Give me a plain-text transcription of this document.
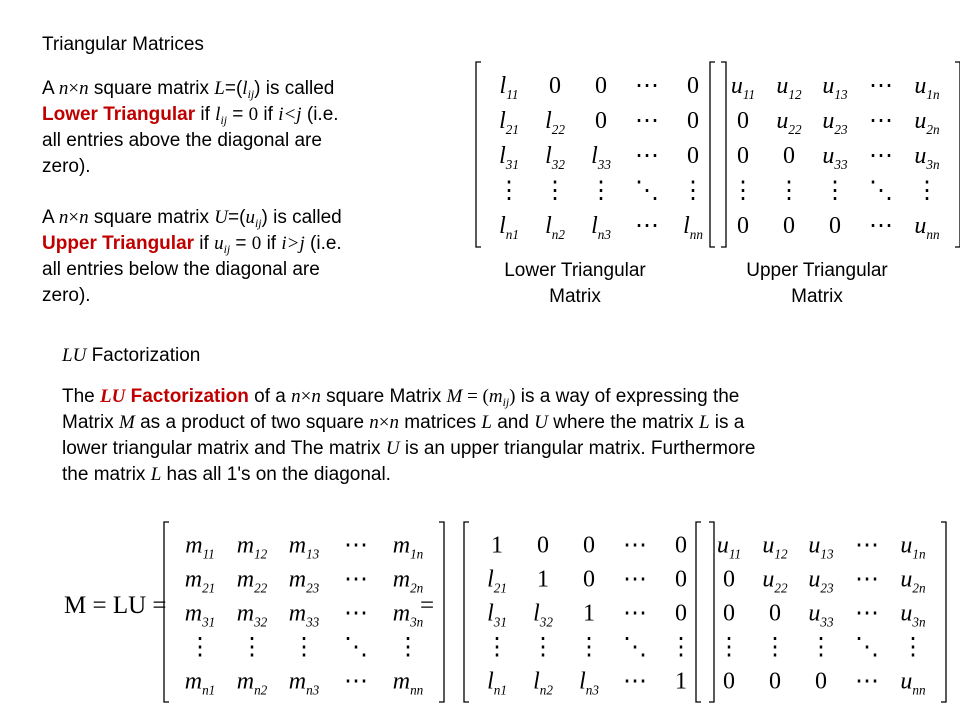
Triangular Matrices
A n×n square matrix $L=(l_{ij})$ is called
Lower Triangular if $l_{ij} = 0$ if i<j (i.e.
all entries above the diagonal are
zero).
A n×n square matrix $U=(u_{ij})$ is called
Upper Triangular if $u_{ij} = 0$ if i>j (i.e.
all entries below the diagonal are
zero).
$l_{11}$ 0 0 ⋯ 0
$l_{21}$ $l_{22}$ 0 ⋯ 0
$l_{31}$ $l_{32}$ $l_{33}$ ⋯ 0
⋮ ⋮ ⋮ ⋱ ⋮
$l_{n1}$ $l_{n2}$ $l_{n3}$ ⋯ $l_{nn}$
$u_{11}$ $u_{12}$ $u_{13}$ ⋯ $u_{1n}$
0 $u_{22}$ $u_{23}$ ⋯ $u_{2n}$
0 0 $u_{33}$ ⋯ $u_{3n}$
⋮ ⋮ ⋮ ⋱ ⋮
0 0 0 ⋯ $u_{nn}$
Lower Triangular
Matrix
Upper Triangular
Matrix
LU Factorization
The LU Factorization of a n×n square Matrix $M = (m_{ij})$ is a way of expressing the
Matrix M as a product of two square n×n matrices L and U where the matrix L is a
lower triangular matrix and The matrix U is an upper triangular matrix. Furthermore
the matrix L has all 1's on the diagonal.
M = LU =
$m_{11}$ $m_{12}$ $m_{13}$ ⋯ $m_{1n}$
$m_{21}$ $m_{22}$ $m_{23}$ ⋯ $m_{2n}$
$m_{31}$ $m_{32}$ $m_{33}$ ⋯ $m_{3n}$
⋮ ⋮ ⋮ ⋱ ⋮
$m_{n1}$ $m_{n2}$ $m_{n3}$ ⋯ $m_{nn}$
=
1 0 0 ⋯ 0
$l_{21}$ 1 0 ⋯ 0
$l_{31}$ $l_{32}$ 1 ⋯ 0
⋮ ⋮ ⋮ ⋱ ⋮
$l_{n1}$ $l_{n2}$ $l_{n3}$ ⋯ 1
$u_{11}$ $u_{12}$ $u_{13}$ ⋯ $u_{1n}$
0 $u_{22}$ $u_{23}$ ⋯ $u_{2n}$
0 0 $u_{33}$ ⋯ $u_{3n}$
⋮ ⋮ ⋮ ⋱ ⋮
0 0 0 ⋯ $u_{nn}$
